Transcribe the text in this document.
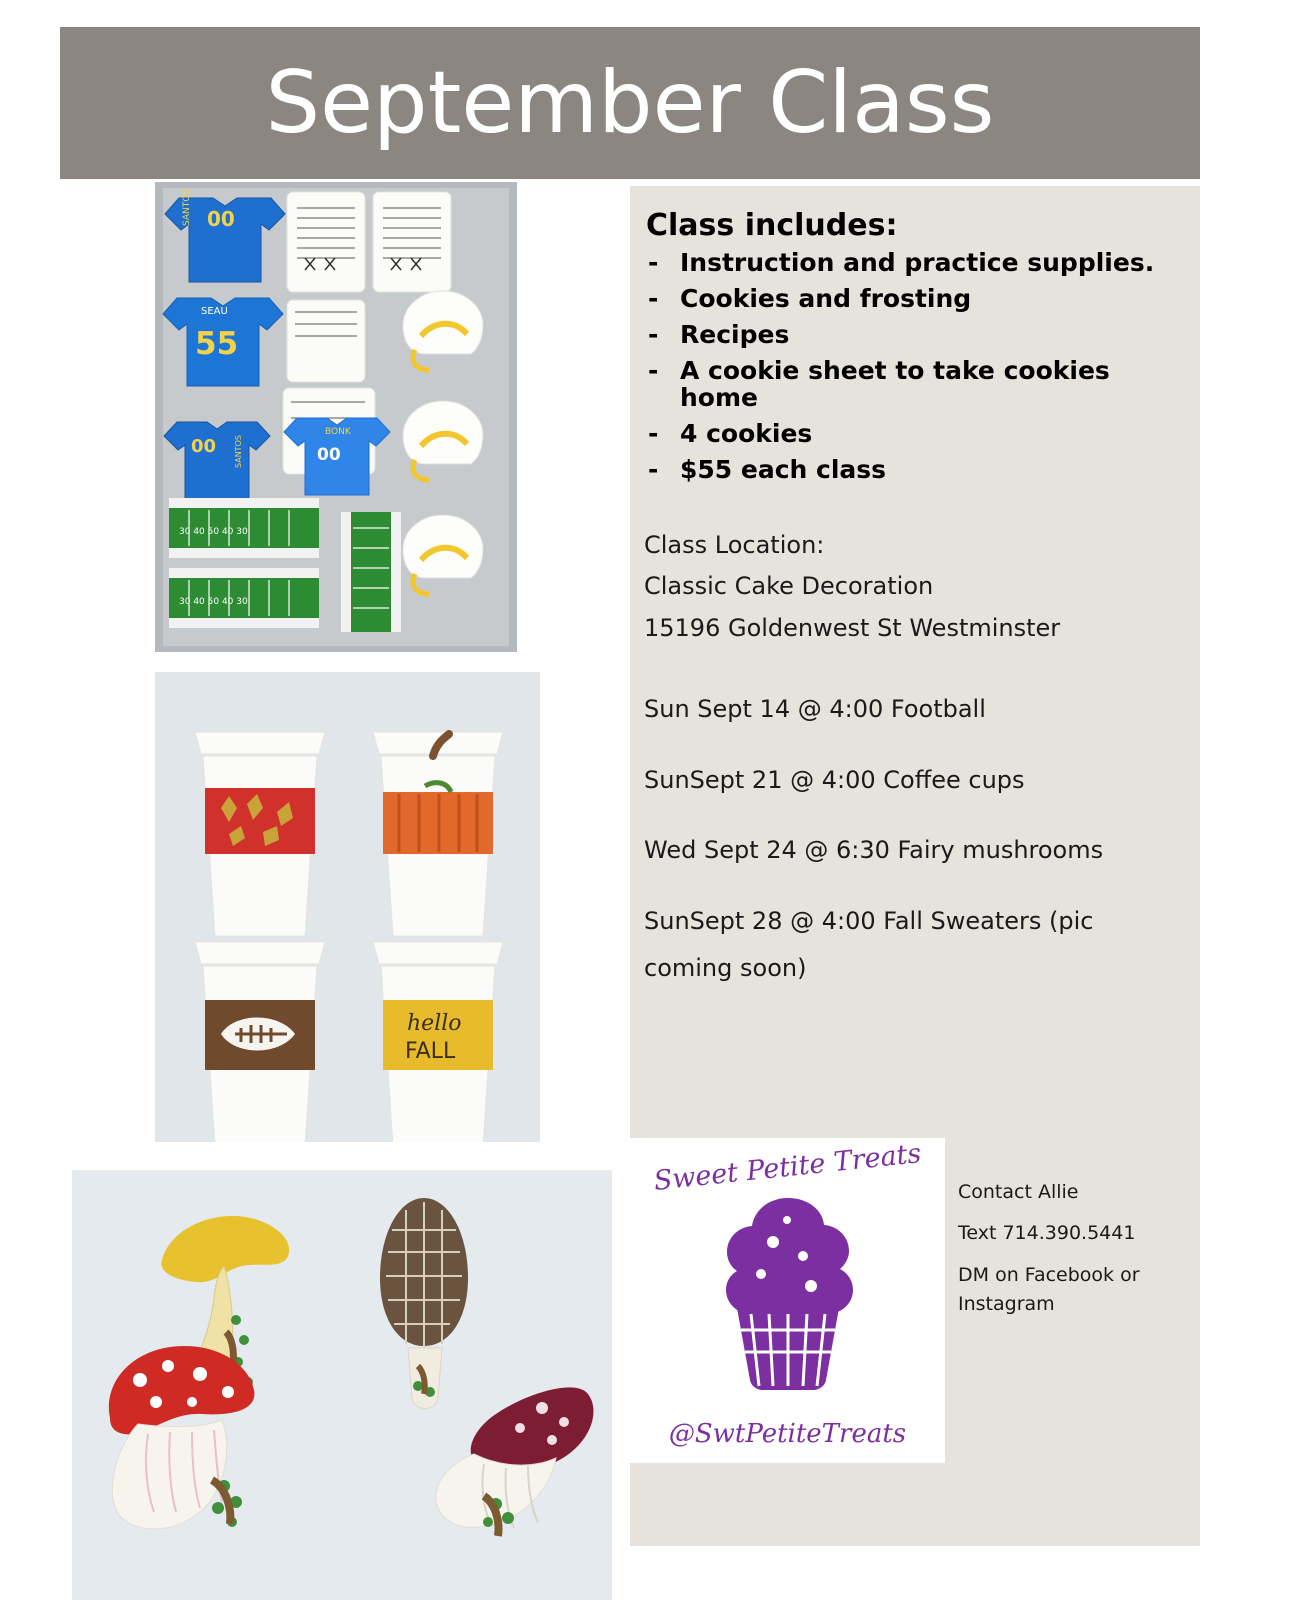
September Class
SANTOS 00
SEAU
55
00 SANTOS
BONK
00
30 40 50 40 30
30 40 50 40 30
hello
FALL
Class includes:
- Instruction and practice supplies.
- Cookies and frosting
- Recipes
- A cookie sheet to take cookies home
- 4 cookies
- $55 each class
Class Location:
Classic Cake Decoration
15196 Goldenwest St Westminster
Sun Sept 14 @ 4:00 Football
SunSept 21 @ 4:00 Coffee cups
Wed Sept 24 @ 6:30 Fairy mushrooms
SunSept 28 @ 4:00 Fall Sweaters (pic
coming soon)
Sweet Petite Treats
@SwtPetiteTreats
Contact Allie
Text 714.390.5441
DM on Facebook or Instagram
